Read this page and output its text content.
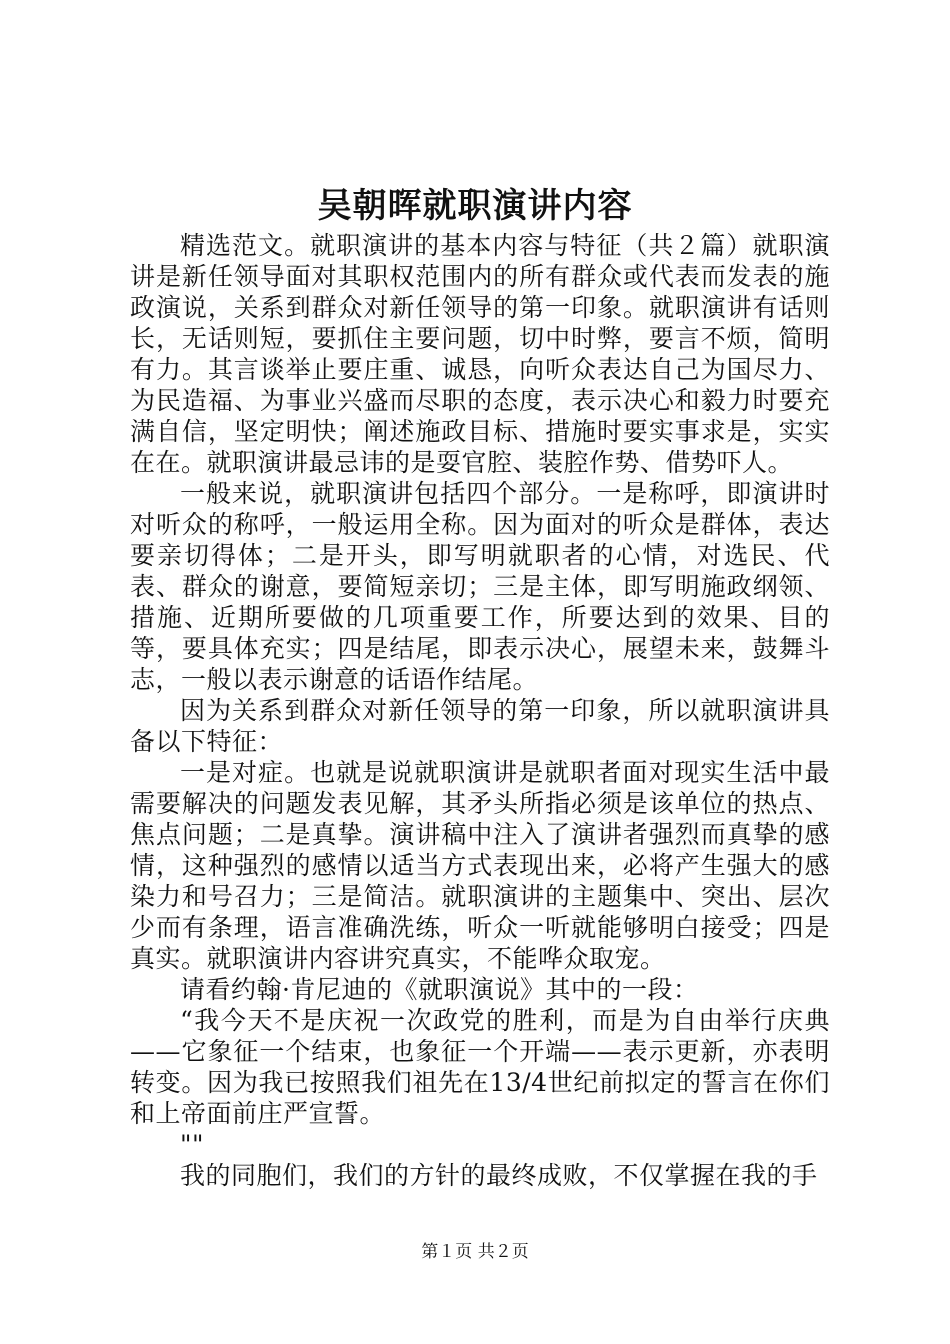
吴朝晖就职演讲内容

精选范文。就职演讲的基本内容与特征（共２篇）就职演讲是新任领导面对其职权范围内的所有群众或代表而发表的施政演说，关系到群众对新任领导的第一印象。就职演讲有话则长，无话则短，要抓住主要问题，切中时弊，要言不烦，简明有力。其言谈举止要庄重、诚恳，向听众表达自己为国尽力、为民造福、为事业兴盛而尽职的态度，表示决心和毅力时要充满自信，坚定明快；阐述施政目标、措施时要实事求是，实实在在。就职演讲最忌讳的是耍官腔、装腔作势、借势吓人。

一般来说，就职演讲包括四个部分。一是称呼，即演讲时对听众的称呼，一般运用全称。因为面对的听众是群体，表达要亲切得体；二是开头，即写明就职者的心情，对选民、代表、群众的谢意，要简短亲切；三是主体，即写明施政纲领、措施、近期所要做的几项重要工作，所要达到的效果、目的等，要具体充实；四是结尾，即表示决心，展望未来，鼓舞斗志，一般以表示谢意的话语作结尾。

因为关系到群众对新任领导的第一印象，所以就职演讲具备以下特征：

一是对症。也就是说就职演讲是就职者面对现实生活中最需要解决的问题发表见解，其矛头所指必须是该单位的热点、焦点问题；二是真挚。演讲稿中注入了演讲者强烈而真挚的感情，这种强烈的感情以适当方式表现出来，必将产生强大的感染力和号召力；三是简洁。就职演讲的主题集中、突出、层次少而有条理，语言准确洗练，听众一听就能够明白接受；四是真实。就职演讲内容讲究真实，不能哗众取宠。

请看约翰·肯尼迪的《就职演说》其中的一段：

“我今天不是庆祝一次政党的胜利，而是为自由举行庆典——它象征一个结束，也象征一个开端——表示更新，亦表明转变。因为我已按照我们祖先在13/4世纪前拟定的誓言在你们和上帝面前庄严宣誓。

""

我的同胞们，我们的方针的最终成败，不仅掌握在我的手

第１页 共２页
